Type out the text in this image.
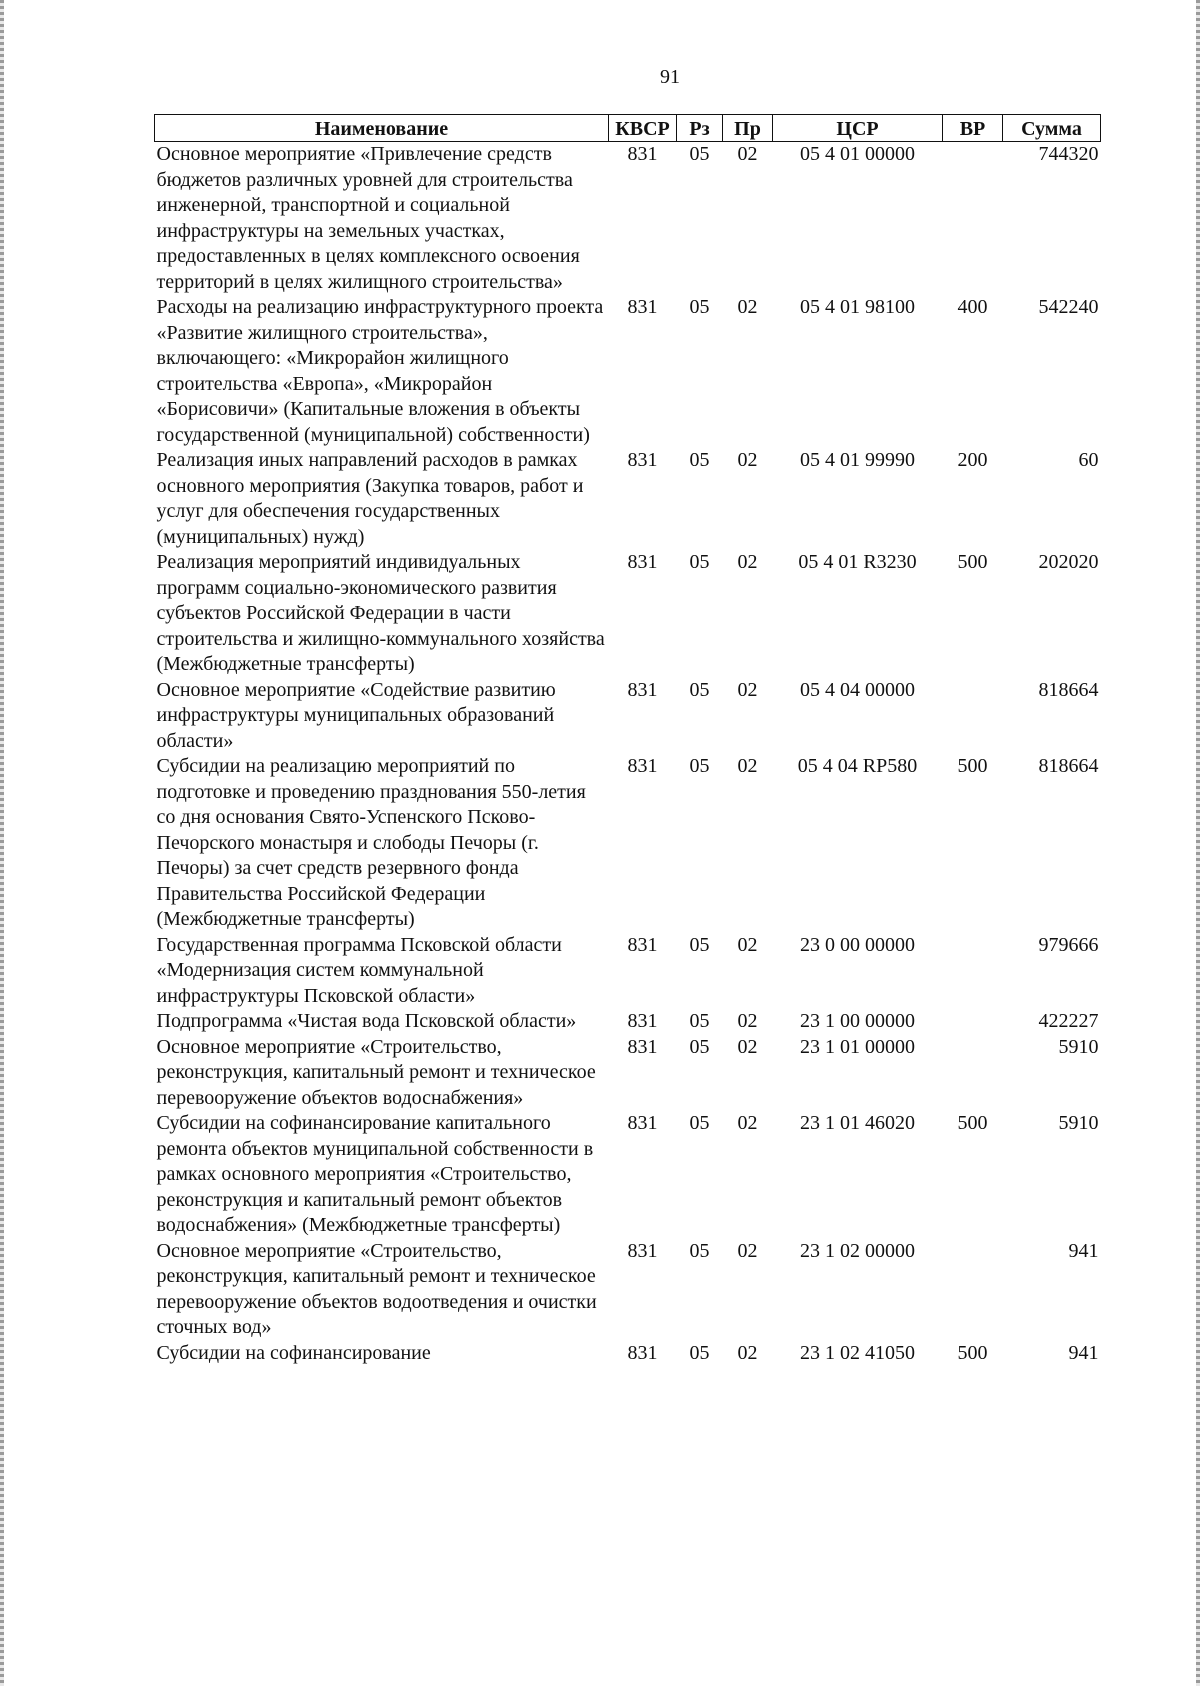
91
Наименование	КВСР	Рз	Пр	ЦСР	ВР	Сумма
Основное мероприятие «Привлечение средств бюджетов различных уровней для строительства инженерной, транспортной и социальной инфраструктуры на земельных участках, предоставленных в целях комплексного освоения территорий в целях жилищного строительства»	831	05	02	05 4 01 00000		744320
Расходы на реализацию инфраструктурного проекта «Развитие жилищного строительства», включающего: «Микрорайон жилищного строительства «Европа», «Микрорайон «Борисовичи» (Капитальные вложения в объекты государственной (муниципальной) собственности)	831	05	02	05 4 01 98100	400	542240
Реализация иных направлений расходов в рамках основного мероприятия (Закупка товаров, работ и услуг для обеспечения государственных (муниципальных) нужд)	831	05	02	05 4 01 99990	200	60
Реализация мероприятий индивидуальных программ социально-экономического развития субъектов Российской Федерации в части строительства и жилищно-коммунального хозяйства (Межбюджетные трансферты)	831	05	02	05 4 01 R3230	500	202020
Основное мероприятие «Содействие развитию инфраструктуры муниципальных образований области»	831	05	02	05 4 04 00000		818664
Субсидии на реализацию мероприятий по подготовке и проведению празднования 550-летия со дня основания Свято-Успенского Псково-Печорского монастыря и слободы Печоры (г. Печоры) за счет средств резервного фонда Правительства Российской Федерации (Межбюджетные трансферты)	831	05	02	05 4 04 RP580	500	818664
Государственная программа Псковской области «Модернизация систем коммунальной инфраструктуры Псковской области»	831	05	02	23 0 00 00000		979666
Подпрограмма «Чистая вода Псковской области»	831	05	02	23 1 00 00000		422227
Основное мероприятие «Строительство, реконструкция, капитальный ремонт и техническое перевооружение объектов водоснабжения»	831	05	02	23 1 01 00000		5910
Субсидии на софинансирование капитального ремонта объектов муниципальной собственности в рамках основного мероприятия «Строительство, реконструкция и капитальный ремонт объектов водоснабжения» (Межбюджетные трансферты)	831	05	02	23 1 01 46020	500	5910
Основное мероприятие «Строительство, реконструкция, капитальный ремонт и техническое перевооружение объектов водоотведения и очистки сточных вод»	831	05	02	23 1 02 00000		941
Субсидии на софинансирование	831	05	02	23 1 02 41050	500	941
